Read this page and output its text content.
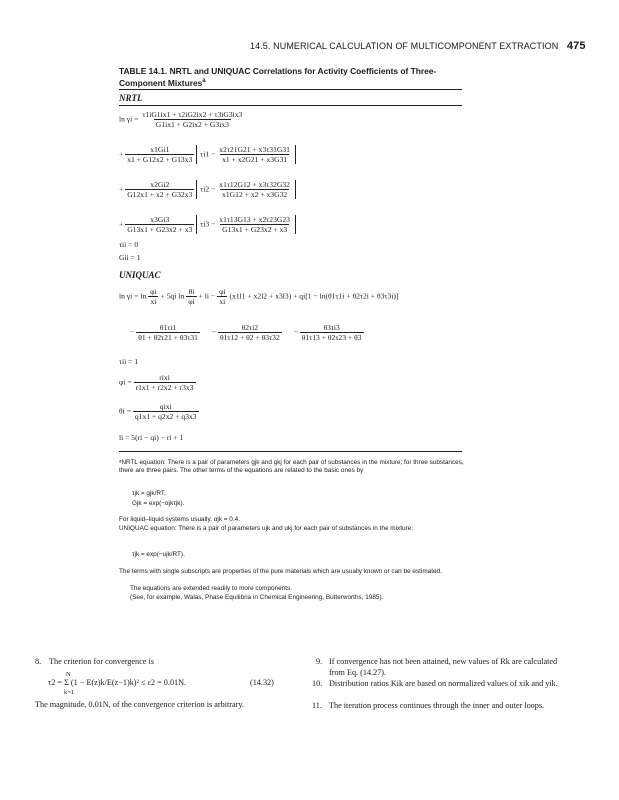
14.5. NUMERICAL CALCULATION OF MULTICOMPONENT EXTRACTION 475
TABLE 14.1. NRTL and UNIQUAC Correlations for Activity Coefficients of Three-Component Mixtures$^a$
NRTL
$\ln \gamma i = \frac{\tau 1iG1ix1 + \tau 2iG2ix2 + \tau 3iG3ix3}{G1ix1 + G2ix2 + G3ix3}$
+ $\frac{x1Gi1}{x1 + G12x2 + G13x3} \tau i1 - \frac{x2\tau 21G21 + x3\tau 31G31}{x1 + x2G21 + x3G31}$
+ $\frac{x2Gi2}{G12x1 + x2 + G32x3} \tau i2 - \frac{x1\tau 12G12 + x3\tau 32G32}{x1G12 + x2 + x3G32}$
+ $\frac{x3Gi3}{G13x1 + G23x2 + x3} \tau i3 - \frac{x1\tau 13G13 + x2\tau 23G23}{G13x1 + G23x2 + x3}$
τii = 0
Gii = 1
UNIQUAC
$\ln \gamma i = \ln \frac{\varphi i}{xi} + 5qi$ $\ln \frac{\theta i}{\varphi i}$ + li − $\frac{\varphi i}{xi} (x1l1 + x2l2 + x3l3) + qi[1 - \ln(\theta 1\tau 1i + \theta 2\tau 2i + \theta 3\tau 3i)]$
− $\frac{\theta 1\tau i1}{\theta 1 + \theta 2\tau 21 + \theta 3\tau 31} - \frac{\theta 2\tau i2}{\theta 1\tau 12 + \theta 2 + \theta 3\tau 32} - \frac{\theta 3\tau i3}{\theta 1\tau 13 + \theta 2\tau 23 + \theta 3}$
τii = 1
$\varphi i = \frac{\text{rixi}}{r1x1 + r2x2 + r3x3}$
$\theta i = \frac{\text{qixi}}{q1x1 + q2x2 + q3x3}$
li = 5(ri − qi) − ri + 1
ᵃNRTL equation: There is a pair of parameters gjk and gkj for each pair of substances in the mixture; for three substances, there are three pairs. The other terms of the equations are related to the basic ones by
τjk = gjk/RT,
Gjk = exp(−αjkτjk).
For liquid–liquid systems usually, αjk = 0.4.
UNIQUAC equation: There is a pair of parameters ujk and ukj for each pair of substances in the mixture:
τjk = exp(−ujk/RT).
The terms with single subscripts are properties of the pure materials which are usually known or can be estimated.
The equations are extended readily to more components.
(See, for example, Walas, Phase Equilibria in Chemical Engineering, Butterworths, 1985).
8. The criterion for convergence is
N
τ2 = Σ (1 − E(z)k/E(z−1)k)² ≤ ε2 = 0.01N.
k=1
(14.32)
The magnitude, 0.01N, of the convergence criterion is arbitrary.
9. If convergence has not been attained, new values of Rk are calculated from Eq. (14.27).
10. Distribution ratios Kik are based on normalized values of xik and yik.
11. The iteration process continues through the inner and outer loops.
